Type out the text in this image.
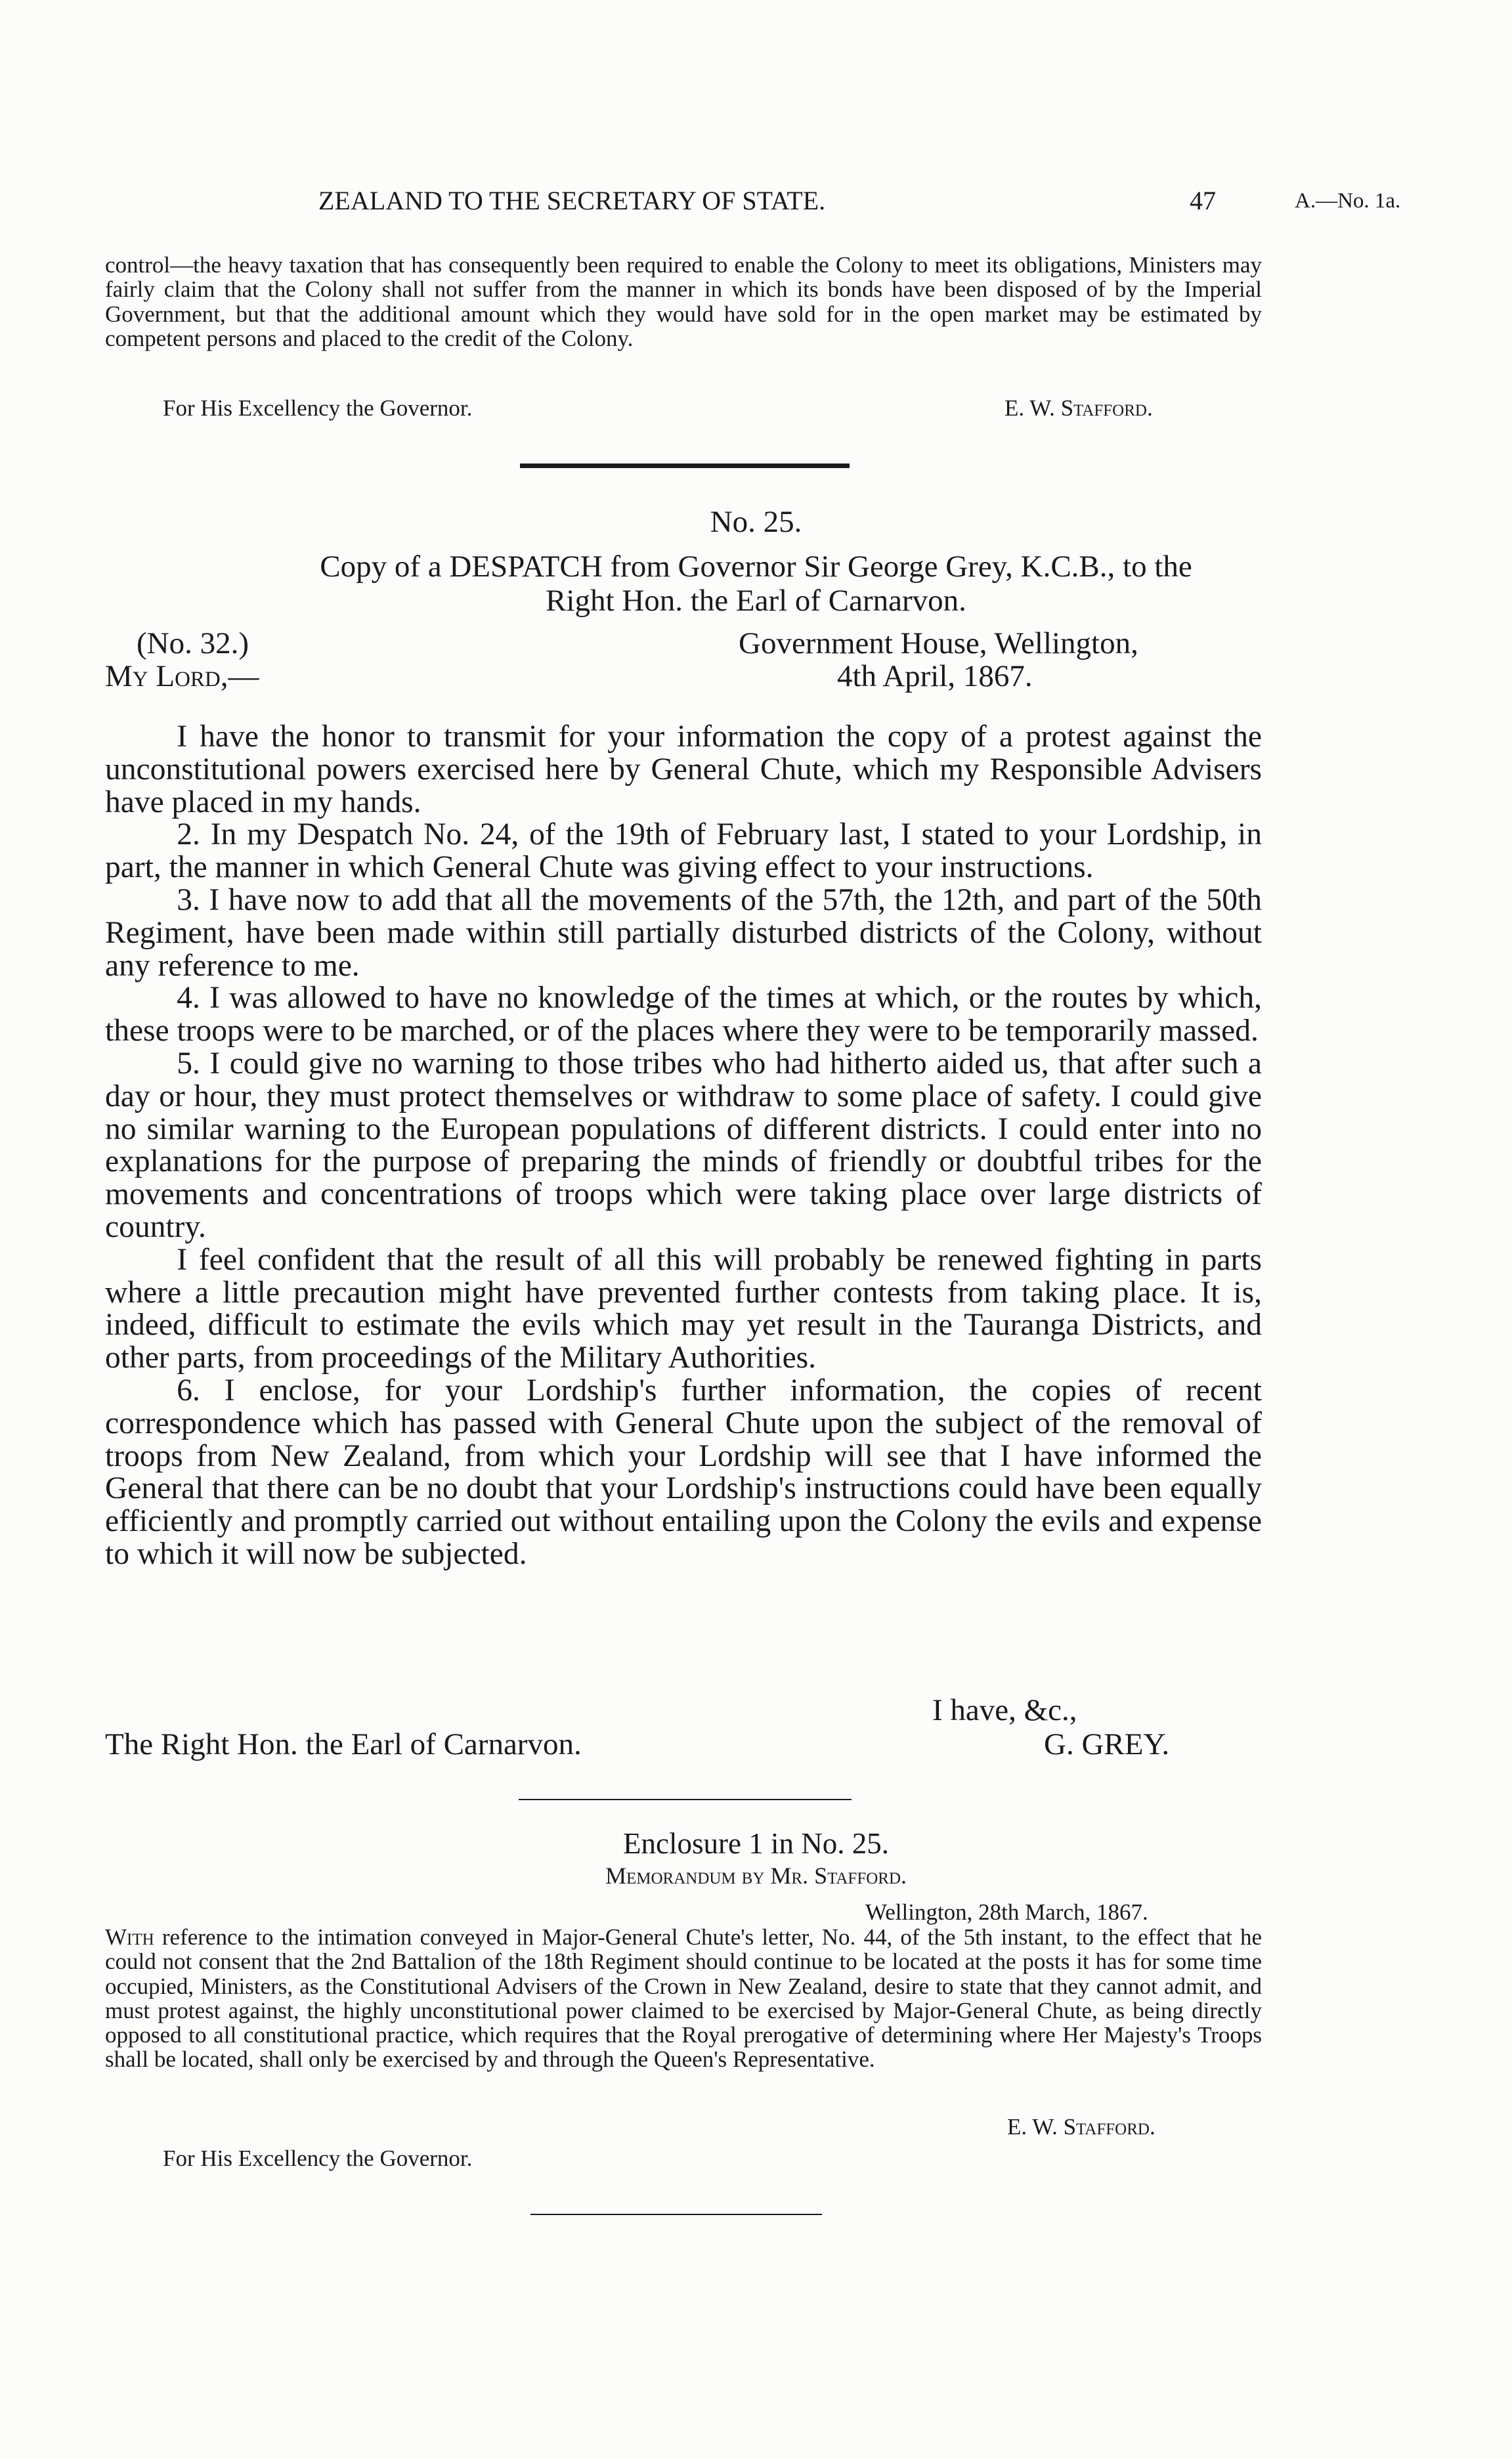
ZEALAND TO THE SECRETARY OF STATE.	47	A.—No. 1a.

control—the heavy taxation that has consequently been required to enable the Colony to meet its obligations, Ministers may fairly claim that the Colony shall not suffer from the manner in which its bonds have been disposed of by the Imperial Government, but that the additional amount which they would have sold for in the open market may be estimated by competent persons and placed to the credit of the Colony.

For His Excellency the Governor.	E. W. Stafford.
No. 25.
Copy of a DESPATCH from Governor Sir George Grey, K.C.B., to the
Right Hon. the Earl of Carnarvon.
(No. 32.)	Government House, Wellington,
My Lord,—	4th April, 1867.

I have the honor to transmit for your information the copy of a protest against the unconstitutional powers exercised here by General Chute, which my Responsible Advisers have placed in my hands.

2. In my Despatch No. 24, of the 19th of February last, I stated to your Lordship, in part, the manner in which General Chute was giving effect to your instructions.

3. I have now to add that all the movements of the 57th, the 12th, and part of the 50th Regiment, have been made within still partially disturbed districts of the Colony, without any reference to me.

4. I was allowed to have no knowledge of the times at which, or the routes by which, these troops were to be marched, or of the places where they were to be temporarily massed.

5. I could give no warning to those tribes who had hitherto aided us, that after such a day or hour, they must protect themselves or withdraw to some place of safety. I could give no similar warning to the European populations of different districts. I could enter into no explanations for the purpose of preparing the minds of friendly or doubtful tribes for the movements and concentrations of troops which were taking place over large districts of country.

I feel confident that the result of all this will probably be renewed fighting in parts where a little precaution might have prevented further contests from taking place. It is, indeed, difficult to estimate the evils which may yet result in the Tauranga Districts, and other parts, from proceedings of the Military Authorities.

6. I enclose, for your Lordship's further information, the copies of recent correspondence which has passed with General Chute upon the subject of the removal of troops from New Zealand, from which your Lordship will see that I have informed the General that there can be no doubt that your Lordship's instructions could have been equally efficiently and promptly carried out without entailing upon the Colony the evils and expense to which it will now be subjected.

I have, &c.,
The Right Hon. the Earl of Carnarvon.	G. GREY.
Enclosure 1 in No. 25.
Memorandum by Mr. Stafford.
Wellington, 28th March, 1867.

With reference to the intimation conveyed in Major-General Chute's letter, No. 44, of the 5th instant, to the effect that he could not consent that the 2nd Battalion of the 18th Regiment should continue to be located at the posts it has for some time occupied, Ministers, as the Constitutional Advisers of the Crown in New Zealand, desire to state that they cannot admit, and must protest against, the highly unconstitutional power claimed to be exercised by Major-General Chute, as being directly opposed to all constitutional practice, which requires that the Royal prerogative of determining where Her Majesty's Troops shall be located, shall only be exercised by and through the Queen's Representative.

E. W. Stafford.
For His Excellency the Governor.
